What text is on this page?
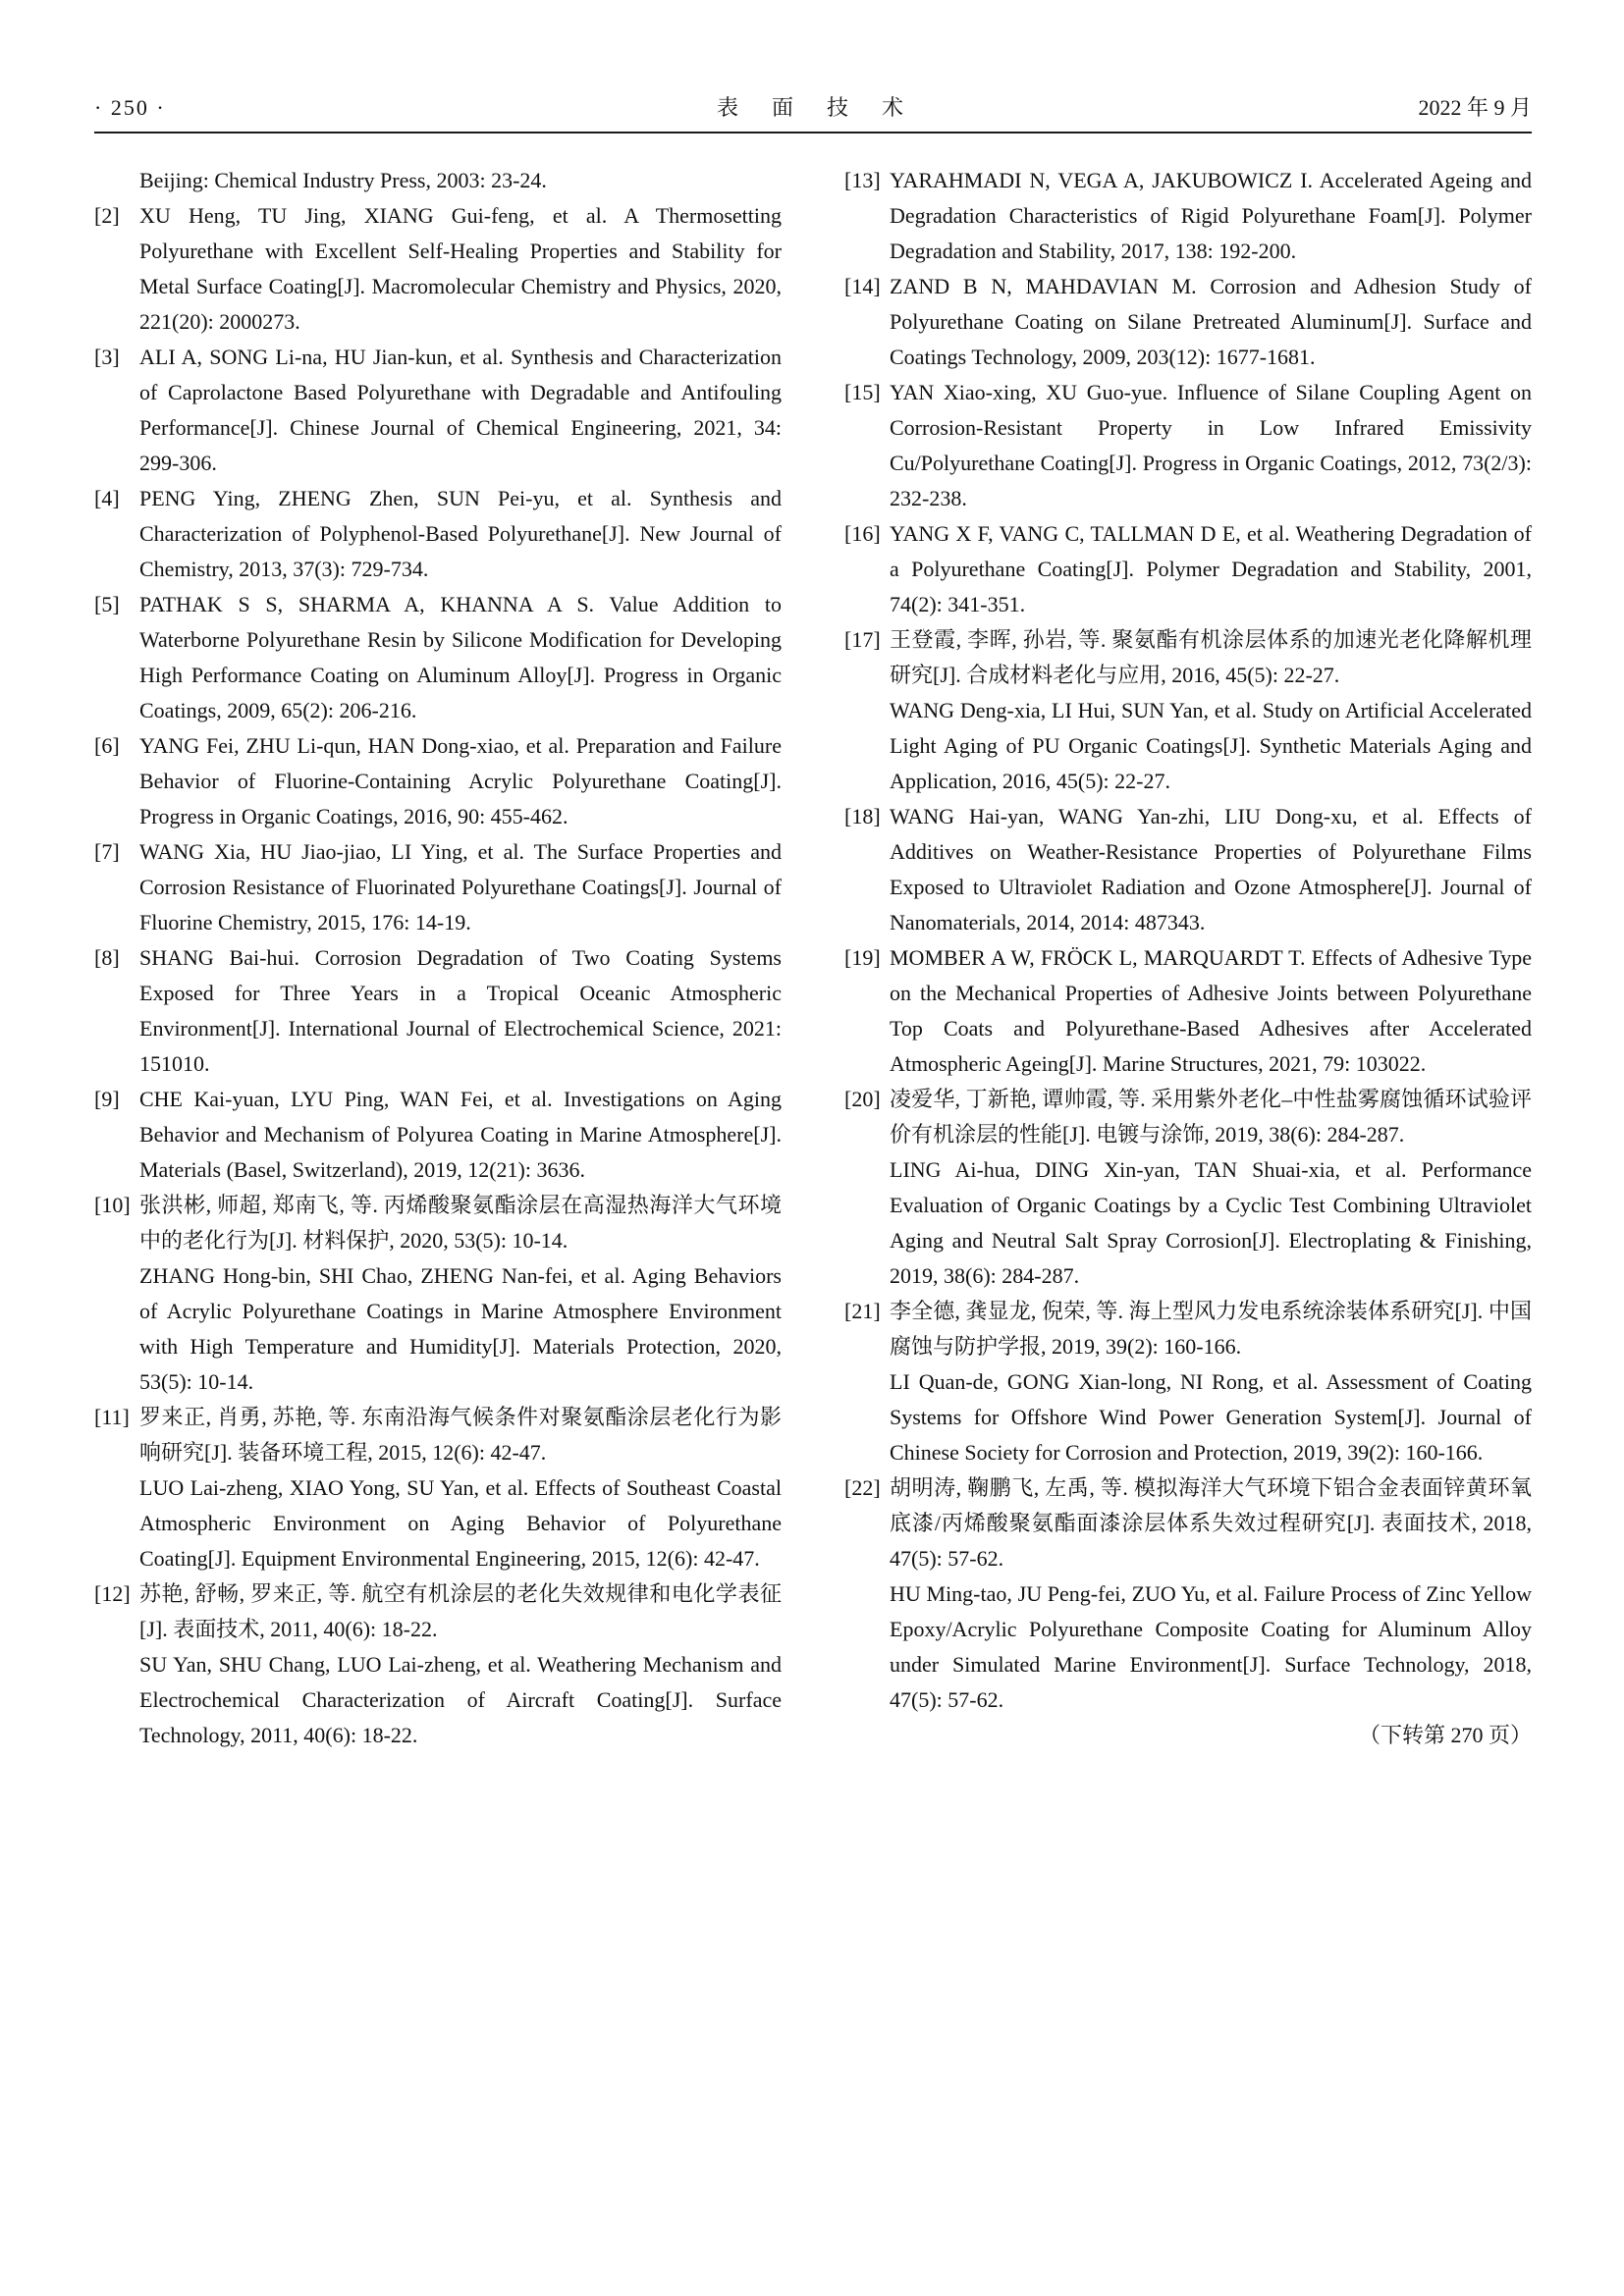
· 250 ·	表　面　技　术	2022 年 9 月

Beijing: Chemical Industry Press, 2003: 23-24.

[2] XU Heng, TU Jing, XIANG Gui-feng, et al. A Thermosetting Polyurethane with Excellent Self-Healing Properties and Stability for Metal Surface Coating[J]. Macromolecular Chemistry and Physics, 2020, 221(20): 2000273.

[3] ALI A, SONG Li-na, HU Jian-kun, et al. Synthesis and Characterization of Caprolactone Based Polyurethane with Degradable and Antifouling Performance[J]. Chinese Journal of Chemical Engineering, 2021, 34: 299-306.

[4] PENG Ying, ZHENG Zhen, SUN Pei-yu, et al. Synthesis and Characterization of Polyphenol-Based Polyurethane[J]. New Journal of Chemistry, 2013, 37(3): 729-734.

[5] PATHAK S S, SHARMA A, KHANNA A S. Value Addition to Waterborne Polyurethane Resin by Silicone Modification for Developing High Performance Coating on Aluminum Alloy[J]. Progress in Organic Coatings, 2009, 65(2): 206-216.

[6] YANG Fei, ZHU Li-qun, HAN Dong-xiao, et al. Preparation and Failure Behavior of Fluorine-Containing Acrylic Polyurethane Coating[J]. Progress in Organic Coatings, 2016, 90: 455-462.

[7] WANG Xia, HU Jiao-jiao, LI Ying, et al. The Surface Properties and Corrosion Resistance of Fluorinated Polyurethane Coatings[J]. Journal of Fluorine Chemistry, 2015, 176: 14-19.

[8] SHANG Bai-hui. Corrosion Degradation of Two Coating Systems Exposed for Three Years in a Tropical Oceanic Atmospheric Environment[J]. International Journal of Electrochemical Science, 2021: 151010.

[9] CHE Kai-yuan, LYU Ping, WAN Fei, et al. Investigations on Aging Behavior and Mechanism of Polyurea Coating in Marine Atmosphere[J]. Materials (Basel, Switzerland), 2019, 12(21): 3636.

[10] 张洪彬, 师超, 郑南飞, 等. 丙烯酸聚氨酯涂层在高湿热海洋大气环境中的老化行为[J]. 材料保护, 2020, 53(5): 10-14.

ZHANG Hong-bin, SHI Chao, ZHENG Nan-fei, et al. Aging Behaviors of Acrylic Polyurethane Coatings in Marine Atmosphere Environment with High Temperature and Humidity[J]. Materials Protection, 2020, 53(5): 10-14.

[11] 罗来正, 肖勇, 苏艳, 等. 东南沿海气候条件对聚氨酯涂层老化行为影响研究[J]. 装备环境工程, 2015, 12(6): 42-47.

LUO Lai-zheng, XIAO Yong, SU Yan, et al. Effects of Southeast Coastal Atmospheric Environment on Aging Behavior of Polyurethane Coating[J]. Equipment Environmental Engineering, 2015, 12(6): 42-47.

[12] 苏艳, 舒畅, 罗来正, 等. 航空有机涂层的老化失效规律和电化学表征[J]. 表面技术, 2011, 40(6): 18-22.

SU Yan, SHU Chang, LUO Lai-zheng, et al. Weathering Mechanism and Electrochemical Characterization of Aircraft Coating[J]. Surface Technology, 2011, 40(6): 18-22.

[13] YARAHMADI N, VEGA A, JAKUBOWICZ I. Accelerated Ageing and Degradation Characteristics of Rigid Polyurethane Foam[J]. Polymer Degradation and Stability, 2017, 138: 192-200.

[14] ZAND B N, MAHDAVIAN M. Corrosion and Adhesion Study of Polyurethane Coating on Silane Pretreated Aluminum[J]. Surface and Coatings Technology, 2009, 203(12): 1677-1681.

[15] YAN Xiao-xing, XU Guo-yue. Influence of Silane Coupling Agent on Corrosion-Resistant Property in Low Infrared Emissivity Cu/Polyurethane Coating[J]. Progress in Organic Coatings, 2012, 73(2/3): 232-238.

[16] YANG X F, VANG C, TALLMAN D E, et al. Weathering Degradation of a Polyurethane Coating[J]. Polymer Degradation and Stability, 2001, 74(2): 341-351.

[17] 王登霞, 李晖, 孙岩, 等. 聚氨酯有机涂层体系的加速光老化降解机理研究[J]. 合成材料老化与应用, 2016, 45(5): 22-27.

WANG Deng-xia, LI Hui, SUN Yan, et al. Study on Artificial Accelerated Light Aging of PU Organic Coatings[J]. Synthetic Materials Aging and Application, 2016, 45(5): 22-27.

[18] WANG Hai-yan, WANG Yan-zhi, LIU Dong-xu, et al. Effects of Additives on Weather-Resistance Properties of Polyurethane Films Exposed to Ultraviolet Radiation and Ozone Atmosphere[J]. Journal of Nanomaterials, 2014, 2014: 487343.

[19] MOMBER A W, FRÖCK L, MARQUARDT T. Effects of Adhesive Type on the Mechanical Properties of Adhesive Joints between Polyurethane Top Coats and Polyurethane-Based Adhesives after Accelerated Atmospheric Ageing[J]. Marine Structures, 2021, 79: 103022.

[20] 凌爱华, 丁新艳, 谭帅霞, 等. 采用紫外老化–中性盐雾腐蚀循环试验评价有机涂层的性能[J]. 电镀与涂饰, 2019, 38(6): 284-287.

LING Ai-hua, DING Xin-yan, TAN Shuai-xia, et al. Performance Evaluation of Organic Coatings by a Cyclic Test Combining Ultraviolet Aging and Neutral Salt Spray Corrosion[J]. Electroplating & Finishing, 2019, 38(6): 284-287.

[21] 李全德, 龚显龙, 倪荣, 等. 海上型风力发电系统涂装体系研究[J]. 中国腐蚀与防护学报, 2019, 39(2): 160-166.

LI Quan-de, GONG Xian-long, NI Rong, et al. Assessment of Coating Systems for Offshore Wind Power Generation System[J]. Journal of Chinese Society for Corrosion and Protection, 2019, 39(2): 160-166.

[22] 胡明涛, 鞠鹏飞, 左禹, 等. 模拟海洋大气环境下铝合金表面锌黄环氧底漆/丙烯酸聚氨酯面漆涂层体系失效过程研究[J]. 表面技术, 2018, 47(5): 57-62.

HU Ming-tao, JU Peng-fei, ZUO Yu, et al. Failure Process of Zinc Yellow Epoxy/Acrylic Polyurethane Composite Coating for Aluminum Alloy under Simulated Marine Environment[J]. Surface Technology, 2018, 47(5): 57-62.

（下转第 270 页）
